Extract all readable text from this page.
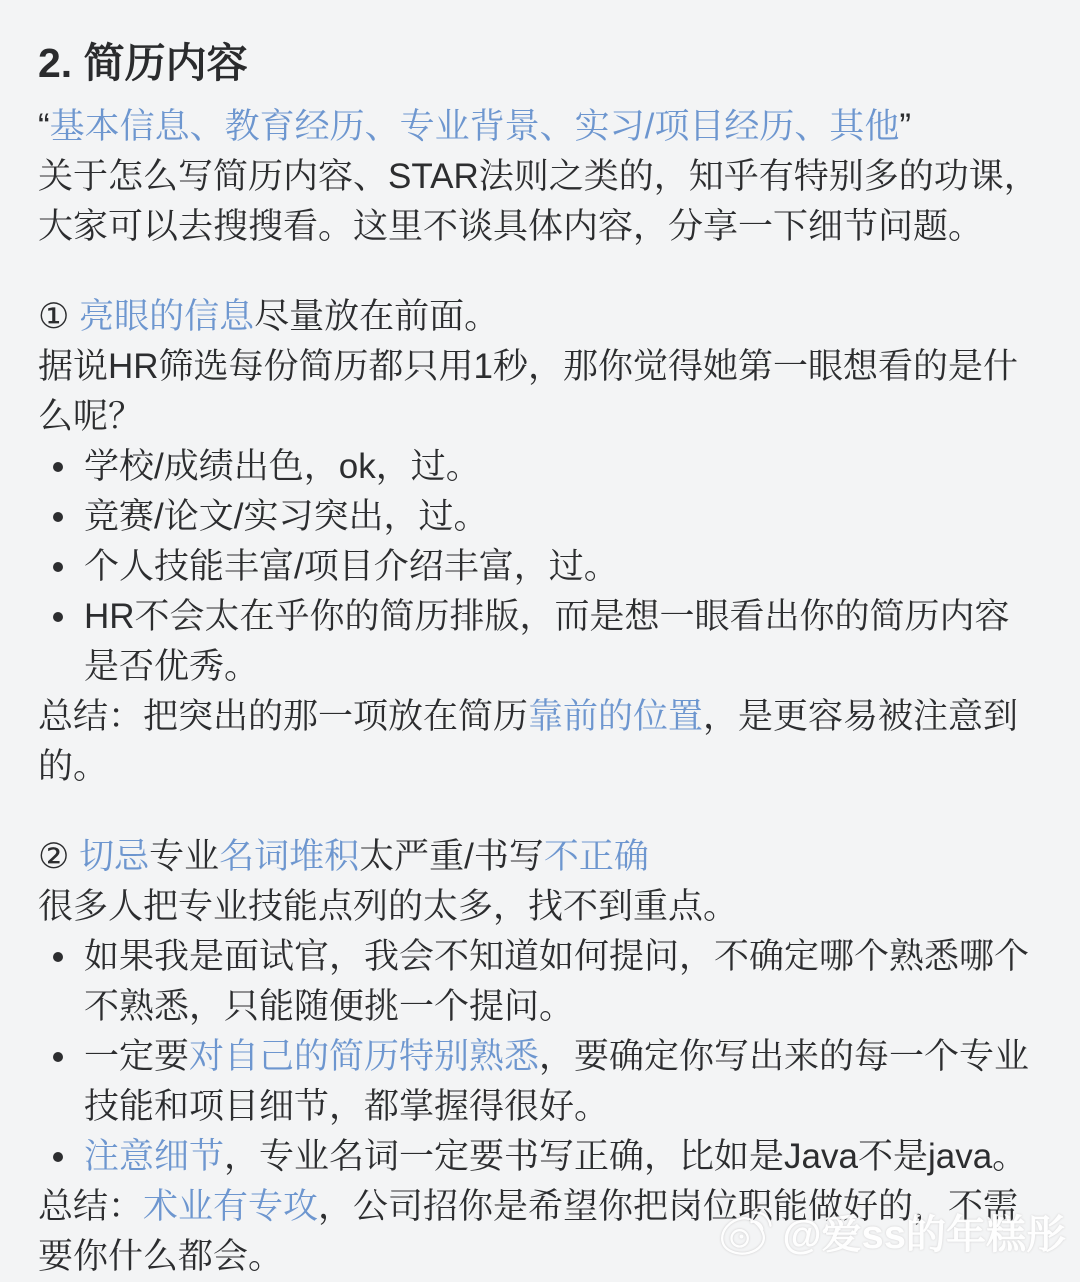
2. 简历内容

“基本信息、教育经历、专业背景、实习/项目经历、其他”

关于怎么写简历内容、STAR法则之类的，知乎有特别多的功课，大家可以去搜搜看。这里不谈具体内容，分享一下细节问题。

① 亮眼的信息尽量放在前面。

据说HR筛选每份简历都只用1秒，那你觉得她第一眼想看的是什么呢？

学校/成绩出色，ok，过。
竞赛/论文/实习突出，过。
个人技能丰富/项目介绍丰富，过。
HR不会太在乎你的简历排版，而是想一眼看出你的简历内容是否优秀。

总结：把突出的那一项放在简历靠前的位置，是更容易被注意到的。

② 切忌专业名词堆积太严重/书写不正确

很多人把专业技能点列的太多，找不到重点。

如果我是面试官，我会不知道如何提问，不确定哪个熟悉哪个不熟悉，只能随便挑一个提问。
一定要对自己的简历特别熟悉，要确定你写出来的每一个专业技能和项目细节，都掌握得很好。
注意细节，专业名词一定要书写正确，比如是Java不是java。

总结：术业有专攻，公司招你是希望你把岗位职能做好的，不需要你什么都会。	@爱ss的年糕彤
